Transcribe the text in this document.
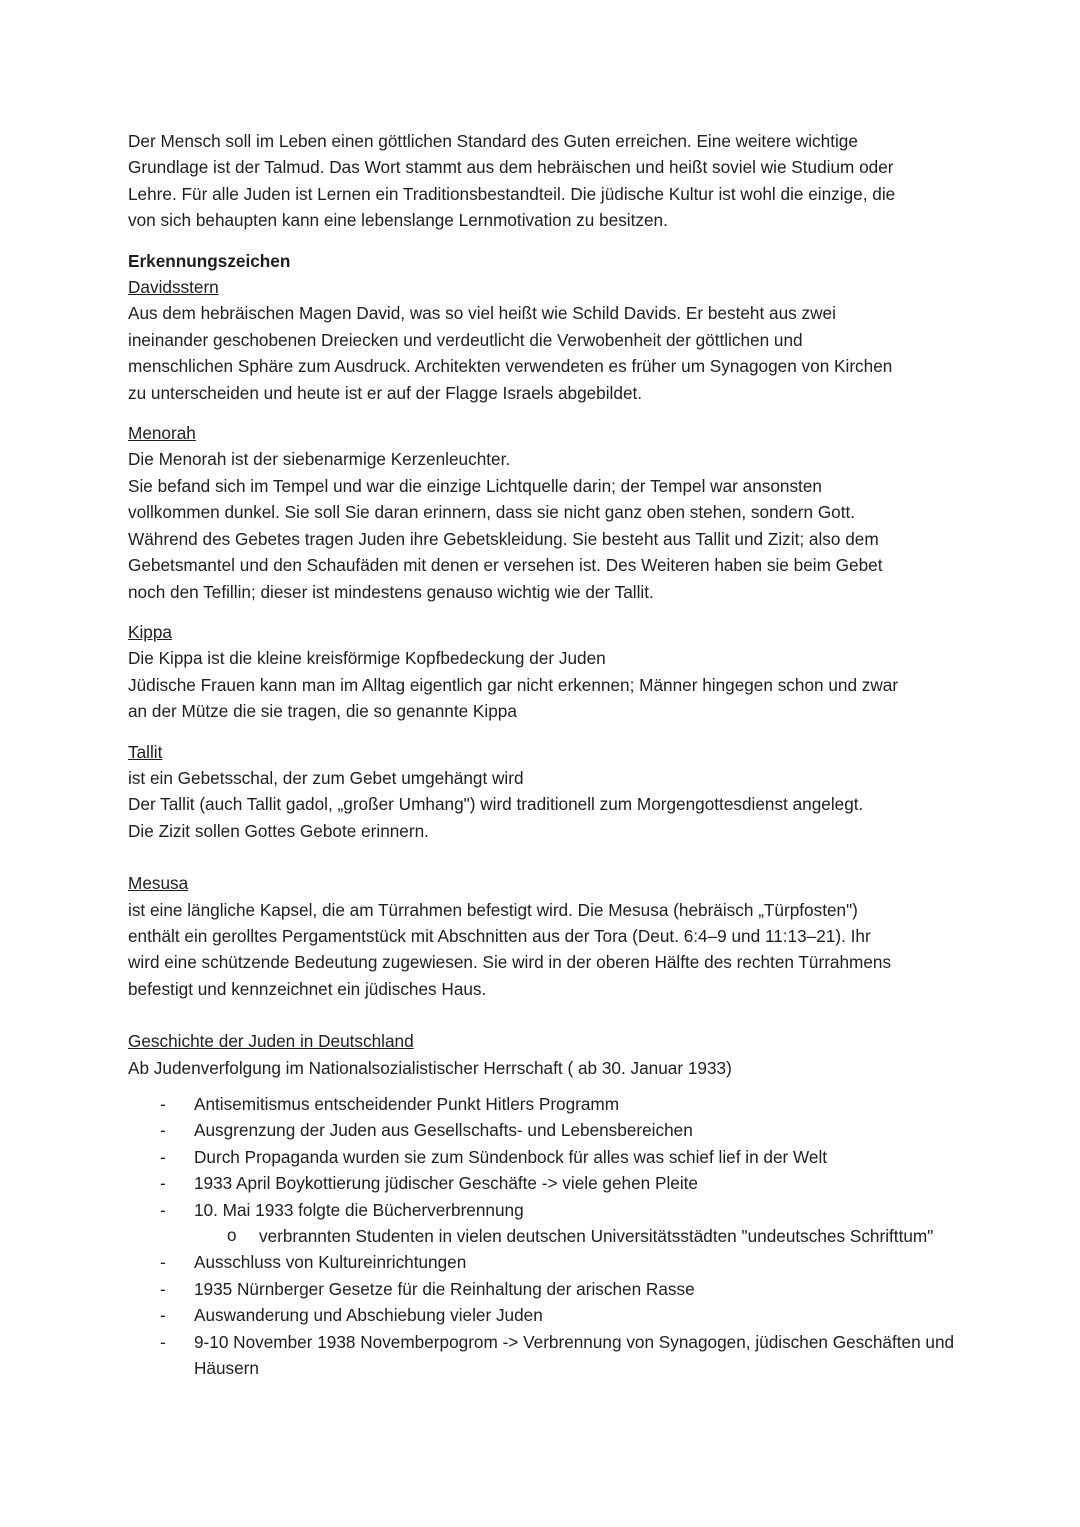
Der Mensch soll im Leben einen göttlichen Standard des Guten erreichen. Eine weitere wichtige

Grundlage ist der Talmud. Das Wort stammt aus dem hebräischen und heißt soviel wie Studium oder

Lehre. Für alle Juden ist Lernen ein Traditionsbestandteil. Die jüdische Kultur ist wohl die einzige, die

von sich behaupten kann eine lebenslange Lernmotivation zu besitzen.

Erkennungszeichen

Davidsstern

Aus dem hebräischen Magen David, was so viel heißt wie Schild Davids. Er besteht aus zwei

ineinander geschobenen Dreiecken und verdeutlicht die Verwobenheit der göttlichen und

menschlichen Sphäre zum Ausdruck. Architekten verwendeten es früher um Synagogen von Kirchen

zu unterscheiden und heute ist er auf der Flagge Israels abgebildet.

Menorah

Die Menorah ist der siebenarmige Kerzenleuchter.

Sie befand sich im Tempel und war die einzige Lichtquelle darin; der Tempel war ansonsten

vollkommen dunkel. Sie soll Sie daran erinnern, dass sie nicht ganz oben stehen, sondern Gott.

Während des Gebetes tragen Juden ihre Gebetskleidung. Sie besteht aus Tallit und Zizit; also dem

Gebetsmantel und den Schaufäden mit denen er versehen ist. Des Weiteren haben sie beim Gebet

noch den Tefillin; dieser ist mindestens genauso wichtig wie der Tallit.

Kippa

Die Kippa ist die kleine kreisförmige Kopfbedeckung der Juden

Jüdische Frauen kann man im Alltag eigentlich gar nicht erkennen; Männer hingegen schon und zwar

an der Mütze die sie tragen, die so genannte Kippa

Tallit

ist ein Gebetsschal, der zum Gebet umgehängt wird

Der Tallit (auch Tallit gadol, „großer Umhang") wird traditionell zum Morgengottesdienst angelegt.

Die Zizit sollen Gottes Gebote erinnern.

Mesusa

ist eine längliche Kapsel, die am Türrahmen befestigt wird. Die Mesusa (hebräisch „Türpfosten")

enthält ein gerolltes Pergamentstück mit Abschnitten aus der Tora (Deut. 6:4–9 und 11:13–21). Ihr

wird eine schützende Bedeutung zugewiesen. Sie wird in der oberen Hälfte des rechten Türrahmens

befestigt und kennzeichnet ein jüdisches Haus.

Geschichte der Juden in Deutschland

Ab Judenverfolgung im Nationalsozialistischer Herrschaft ( ab 30. Januar 1933)

- Antisemitismus entscheidender Punkt Hitlers Programm
- Ausgrenzung der Juden aus Gesellschafts- und Lebensbereichen
- Durch Propaganda wurden sie zum Sündenbock für alles was schief lief in der Welt
- 1933 April Boykottierung jüdischer Geschäfte -> viele gehen Pleite
- 10. Mai 1933 folgte die Bücherverbrennung
o verbrannten Studenten in vielen deutschen Universitätsstädten "undeutsches Schrifttum"
- Ausschluss von Kultureinrichtungen
- 1935 Nürnberger Gesetze für die Reinhaltung der arischen Rasse
- Auswanderung und Abschiebung vieler Juden
- 9-10 November 1938 Novemberpogrom -> Verbrennung von Synagogen, jüdischen Geschäften und Häusern
